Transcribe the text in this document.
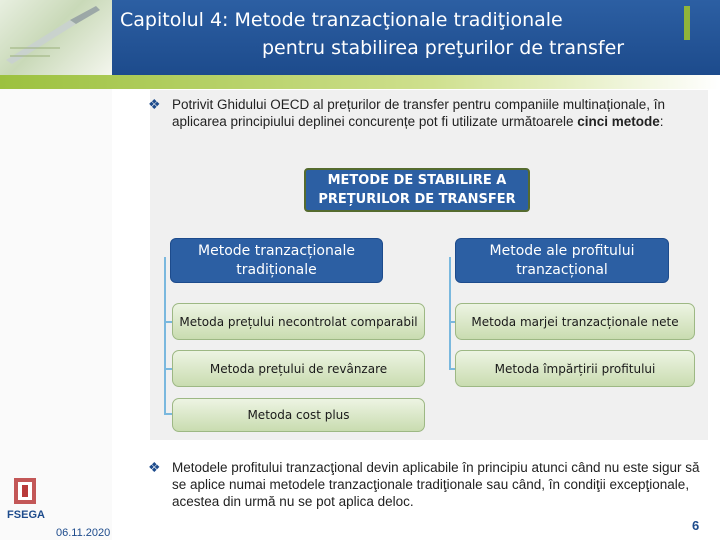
Capitolul 4: Metode tranzacţionale tradiţionale
pentru stabilirea preţurilor de transfer
❖ Potrivit Ghidului OECD al prețurilor de transfer pentru companiile multinaționale, în aplicarea principiului deplinei concurențe pot fi utilizate următoarele cinci metode:
METODE DE STABILIRE A PREȚURILOR DE TRANSFER
Metode tranzacționale tradiționale
Metode ale profitului tranzacțional
Metoda prețului necontrolat comparabil
Metoda prețului de revânzare
Metoda cost plus
Metoda marjei tranzacționale nete
Metoda împărțirii profitului
❖ Metodele profitului tranzacţional devin aplicabile în principiu atunci când nu este sigur să se aplice numai metodele tranzacţionale tradiţionale sau când, în condiţii excepţionale, acestea din urmă nu se pot aplica deloc.
FSEGA
06.11.2020	6
